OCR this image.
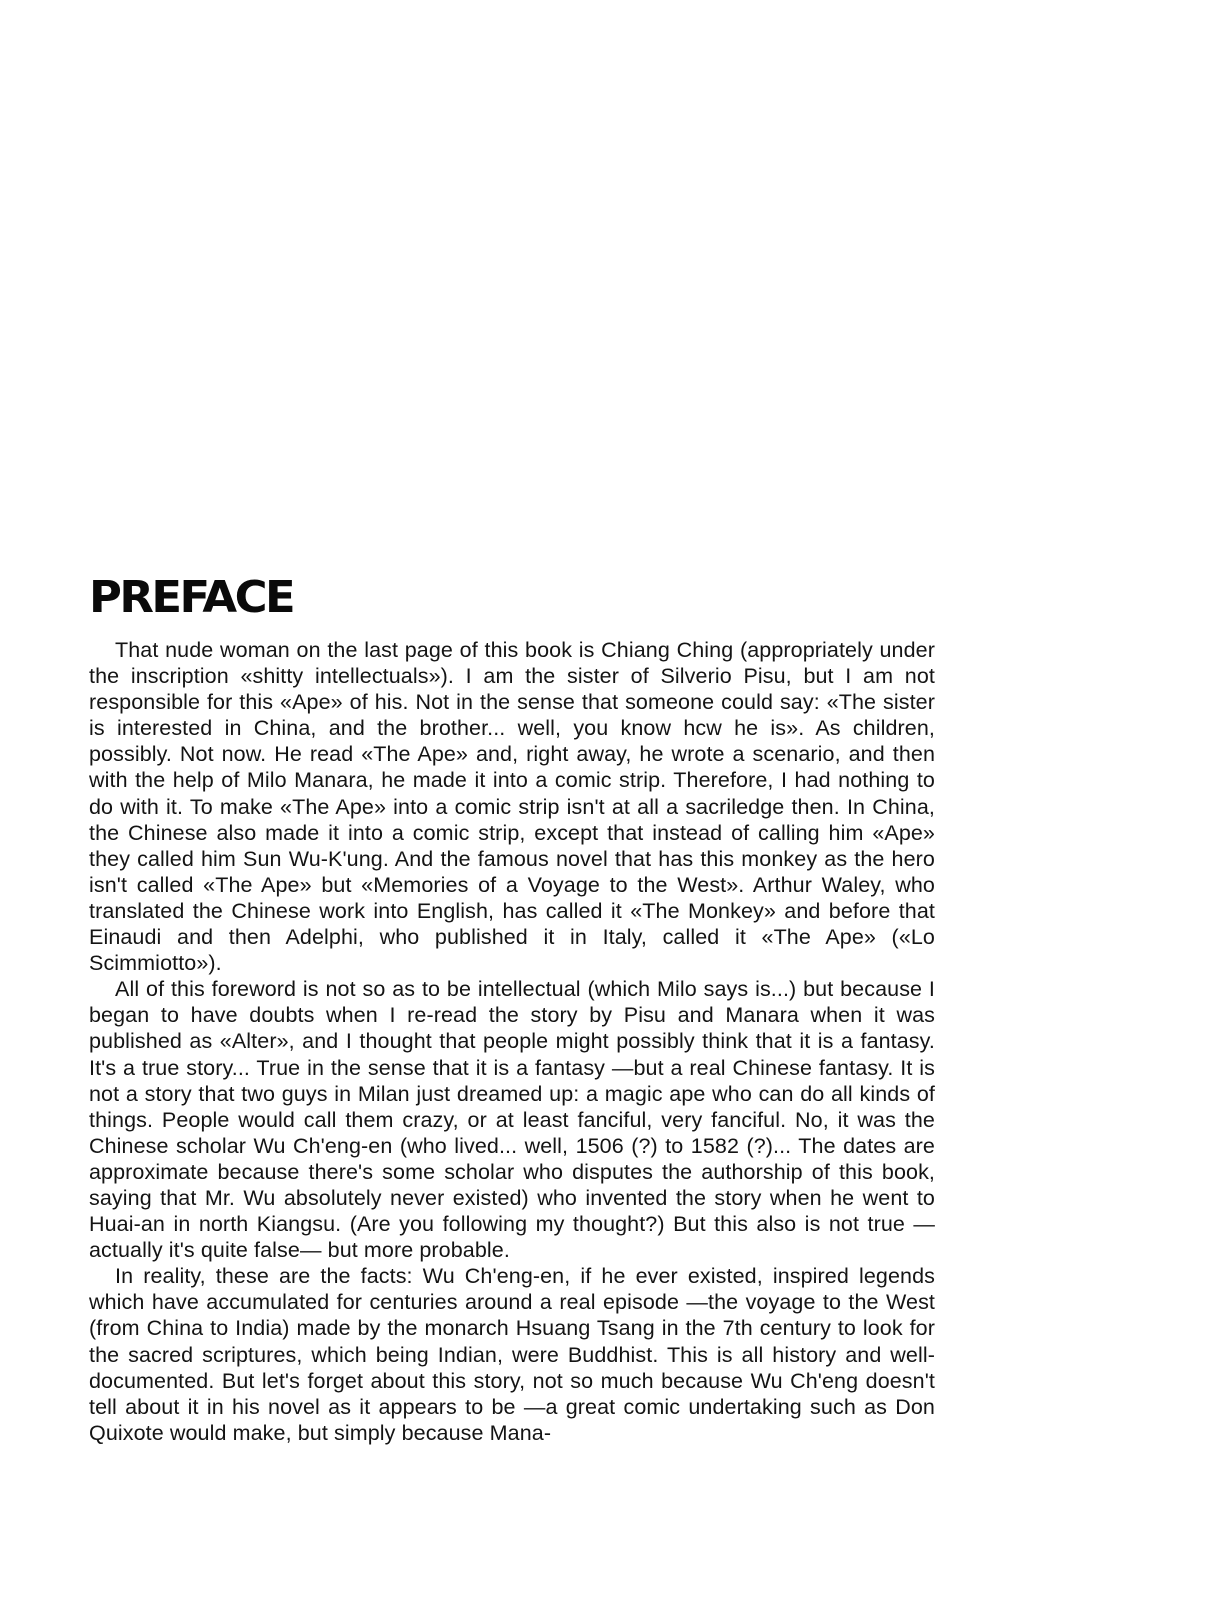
PREFACE

That nude woman on the last page of this book is Chiang Ching (appropriately under the inscription «shitty intellectuals»). I am the sister of Silverio Pisu, but I am not responsible for this «Ape» of his. Not in the sense that someone could say: «The sister is interested in China, and the brother... well, you know hcw he is». As children, possibly. Not now. He read «The Ape» and, right away, he wrote a scenario, and then with the help of Milo Manara, he made it into a comic strip. Therefore, I had nothing to do with it. To make «The Ape» into a comic strip isn't at all a sacriledge then. In China, the Chinese also made it into a comic strip, except that instead of calling him «Ape» they called him Sun Wu-K'ung. And the famous novel that has this monkey as the hero isn't called «The Ape» but «Memories of a Voyage to the West». Arthur Waley, who translated the Chinese work into English, has called it «The Monkey» and before that Einaudi and then Adelphi, who published it in Italy, called it «The Ape» («Lo Scimmiotto»).

All of this foreword is not so as to be intellectual (which Milo says is...) but because I began to have doubts when I re-read the story by Pisu and Manara when it was published as «Alter», and I thought that people might possibly think that it is a fantasy. It's a true story... True in the sense that it is a fantasy —but a real Chinese fantasy. It is not a story that two guys in Milan just dreamed up: a magic ape who can do all kinds of things. People would call them crazy, or at least fanciful, very fanciful. No, it was the Chinese scholar Wu Ch'eng-en (who lived... well, 1506 (?) to 1582 (?)... The dates are approximate because there's some scholar who disputes the authorship of this book, saying that Mr. Wu absolutely never existed) who invented the story when he went to Huai-an in north Kiangsu. (Are you following my thought?) But this also is not true —actually it's quite false— but more probable.

In reality, these are the facts: Wu Ch'eng-en, if he ever existed, inspired legends which have accumulated for centuries around a real episode —the voyage to the West (from China to India) made by the monarch Hsuang Tsang in the 7th century to look for the sacred scriptures, which being Indian, were Buddhist. This is all history and well-documented. But let's forget about this story, not so much because Wu Ch'eng doesn't tell about it in his novel as it appears to be —a great comic undertaking such as Don Quixote would make, but simply because Mana-
